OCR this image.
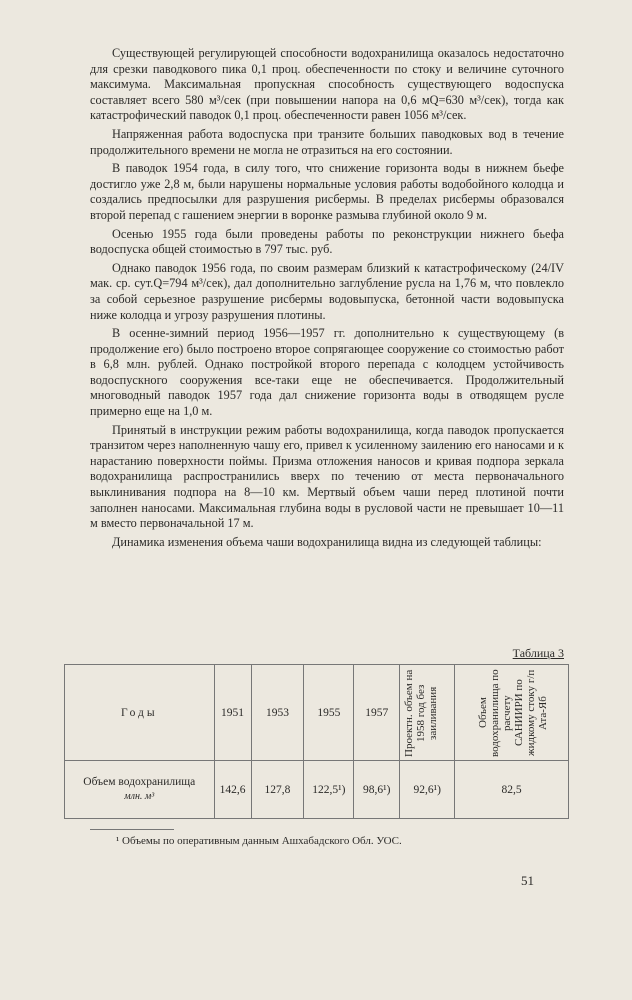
Существующей регулирующей способности водохранилища оказалось недостаточно для срезки паводкового пика 0,1 проц. обеспеченности по стоку и величине суточного максимума. Максимальная пропускная способность существующего водоспуска составляет всего 580 м³/сек (при повышении напора на 0,6 мQ=630 м³/сек), тогда как катастрофический паводок 0,1 проц. обеспеченности равен 1056 м³/сек.

Напряженная работа водоспуска при транзите больших паводковых вод в течение продолжительного времени не могла не отразиться на его состоянии.

В паводок 1954 года, в силу того, что снижение горизонта воды в нижнем бьефе достигло уже 2,8 м, были нарушены нормальные условия работы водобойного колодца и создались предпосылки для разрушения рисбермы. В пределах рисбермы образовался второй перепад с гашением энергии в воронке размыва глубиной около 9 м.

Осенью 1955 года были проведены работы по реконструкции нижнего бьефа водоспуска общей стоимостью в 797 тыс. руб.

Однако паводок 1956 года, по своим размерам близкий к катастрофическому (24/IV мак. ср. сут.Q=794 м³/сек), дал дополнительно заглубление русла на 1,76 м, что повлекло за собой серьезное разрушение рисбермы водовыпуска, бетонной части водовыпуска ниже колодца и угрозу разрушения плотины.

В осенне-зимний период 1956—1957 гг. дополнительно к существующему (в продолжение его) было построено второе сопрягающее сооружение со стоимостью работ в 6,8 млн. рублей. Однако постройкой второго перепада с колодцем устойчивость водоспускного сооружения все-таки еще не обеспечивается. Продолжительный многоводный паводок 1957 года дал снижение горизонта воды в отводящем русле примерно еще на 1,0 м.

Принятый в инструкции режим работы водохранилища, когда паводок пропускается транзитом через наполненную чашу его, привел к усиленному заилению его наносами и к нарастанию поверхности поймы. Призма отложения наносов и кривая подпора зеркала водохранилища распространились вверх по течению от места первоначального выклинивания подпора на 8—10 км. Мертвый объем чаши перед плотиной почти заполнен наносами. Максимальная глубина воды в русловой части не превышает 10—11 м вместо первоначальной 17 м.

Динамика изменения объема чаши водохранилища видна из следующей таблицы:

Таблица 3
Годы	1951	1953	1955	1957	Проектн. объем на 1958 год без заиливания	Объем водохранилища по расчету САНИИРИ по жидкому стоку г/п Ата-Яб

Объем водохранилища
млн. м³	142,6	127,8	122,5¹)	98,6¹)	92,6¹)	82,5
¹ Объемы по оперативным данным Ашхабадского Обл. УОС.
51
